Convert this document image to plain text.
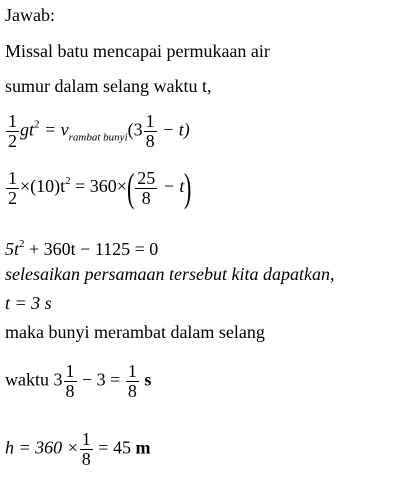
Jawab:
Missal batu mencapai permukaan air
sumur dalam selang waktu t,
$\frac{1}{2} gt^2 = v_{rambat bunyi}(3 \frac{1}{8} - t)$
$\frac{1}{2} \times(10)t^2 = 360\times( \frac{25}{8} - t)$
$5t^2 + 360t - 1125 = 0$
selesaikan persamaan tersebut kita dapatkan,
t = 3 s
maka bunyi merambat dalam selang
waktu $3 \frac{1}{8} - 3 = \frac{1}{8}$ s
$h = 360 \times \frac{1}{8} = 45$ m
